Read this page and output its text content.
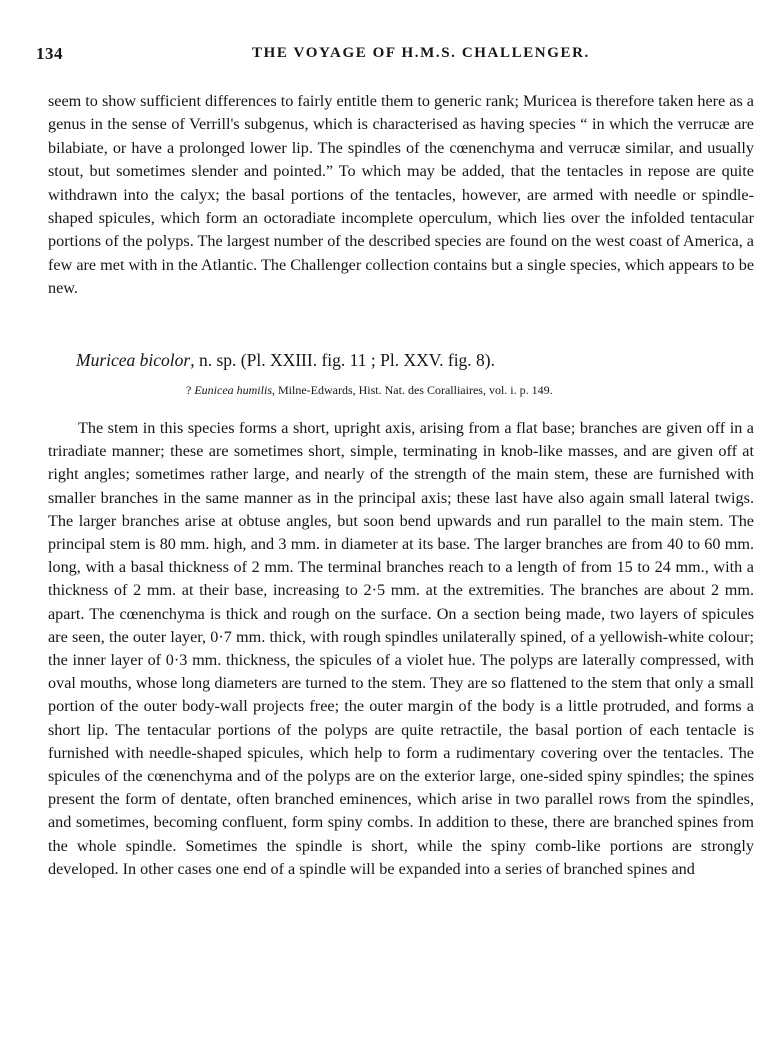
134	THE VOYAGE OF H.M.S. CHALLENGER.

seem to show sufficient differences to fairly entitle them to generic rank; Muricea is therefore taken here as a genus in the sense of Verrill's subgenus, which is characterised as having species “ in which the verrucæ are bilabiate, or have a prolonged lower lip. The spindles of the cœnenchyma and verrucæ similar, and usually stout, but sometimes slender and pointed.” To which may be added, that the tentacles in repose are quite withdrawn into the calyx; the basal portions of the tentacles, however, are armed with needle or spindle-shaped spicules, which form an octoradiate incomplete operculum, which lies over the infolded tentacular portions of the polyps. The largest number of the described species are found on the west coast of America, a few are met with in the Atlantic. The Challenger collection contains but a single species, which appears to be new.

Muricea bicolor, n. sp. (Pl. XXIII. fig. 11 ; Pl. XXV. fig. 8).
? Eunicea humilis, Milne-Edwards, Hist. Nat. des Coralliaires, vol. i. p. 149.

The stem in this species forms a short, upright axis, arising from a flat base; branches are given off in a triradiate manner; these are sometimes short, simple, terminating in knob-like masses, and are given off at right angles; sometimes rather large, and nearly of the strength of the main stem, these are furnished with smaller branches in the same manner as in the principal axis; these last have also again small lateral twigs. The larger branches arise at obtuse angles, but soon bend upwards and run parallel to the main stem. The principal stem is 80 mm. high, and 3 mm. in diameter at its base. The larger branches are from 40 to 60 mm. long, with a basal thickness of 2 mm. The terminal branches reach to a length of from 15 to 24 mm., with a thickness of 2 mm. at their base, increasing to 2·5 mm. at the extremities. The branches are about 2 mm. apart. The cœnenchyma is thick and rough on the surface. On a section being made, two layers of spicules are seen, the outer layer, 0·7 mm. thick, with rough spindles unilaterally spined, of a yellowish-white colour; the inner layer of 0·3 mm. thickness, the spicules of a violet hue. The polyps are laterally compressed, with oval mouths, whose long diameters are turned to the stem. They are so flattened to the stem that only a small portion of the outer body-wall projects free; the outer margin of the body is a little protruded, and forms a short lip. The tentacular portions of the polyps are quite retractile, the basal portion of each tentacle is furnished with needle-shaped spicules, which help to form a rudimentary covering over the tentacles. The spicules of the cœnenchyma and of the polyps are on the exterior large, one-sided spiny spindles; the spines present the form of dentate, often branched eminences, which arise in two parallel rows from the spindles, and sometimes, becoming confluent, form spiny combs. In addition to these, there are branched spines from the whole spindle. Sometimes the spindle is short, while the spiny comb-like portions are strongly developed. In other cases one end of a spindle will be expanded into a series of branched spines and
